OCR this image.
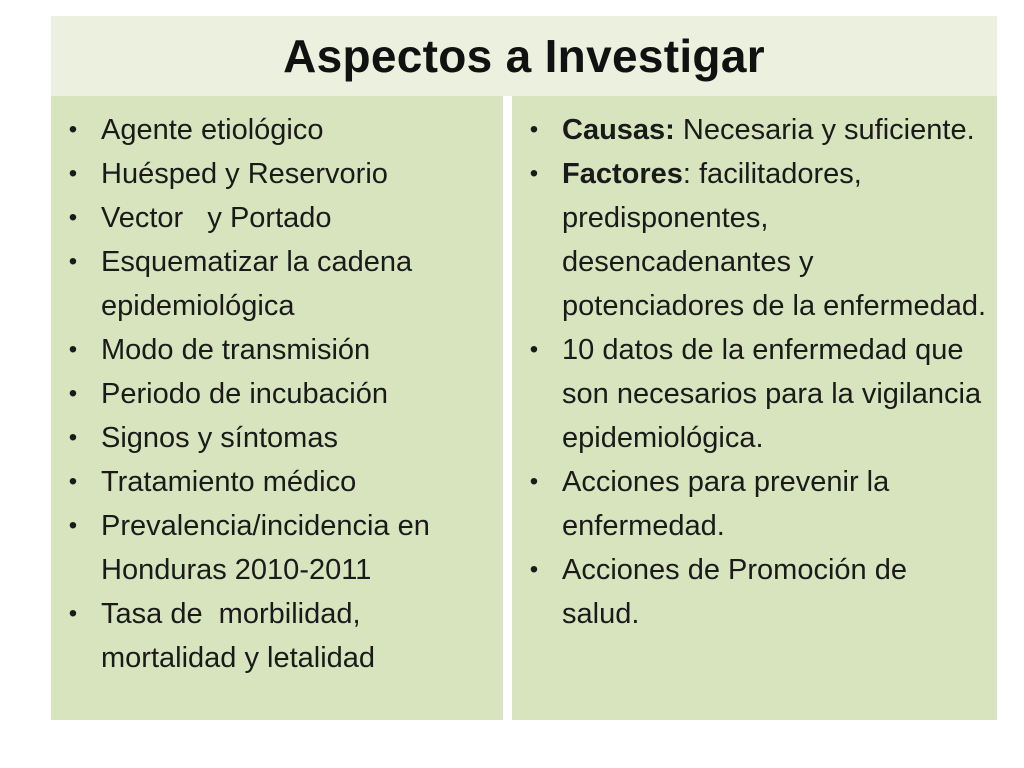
Aspectos a Investigar
• Agente etiológico
• Huésped y Reservorio
• Vector   y Portado
• Esquematizar la cadena epidemiológica
• Modo de transmisión
• Periodo de incubación
• Signos y síntomas
• Tratamiento médico
• Prevalencia/incidencia en Honduras 2010-2011
• Tasa de  morbilidad, mortalidad y letalidad
• Causas: Necesaria y suficiente.
• Factores: facilitadores, predisponentes, desencadenantes y potenciadores de la enfermedad.
• 10 datos de la enfermedad que son necesarios para la vigilancia epidemiológica.
• Acciones para prevenir la enfermedad.
• Acciones de Promoción de salud.
